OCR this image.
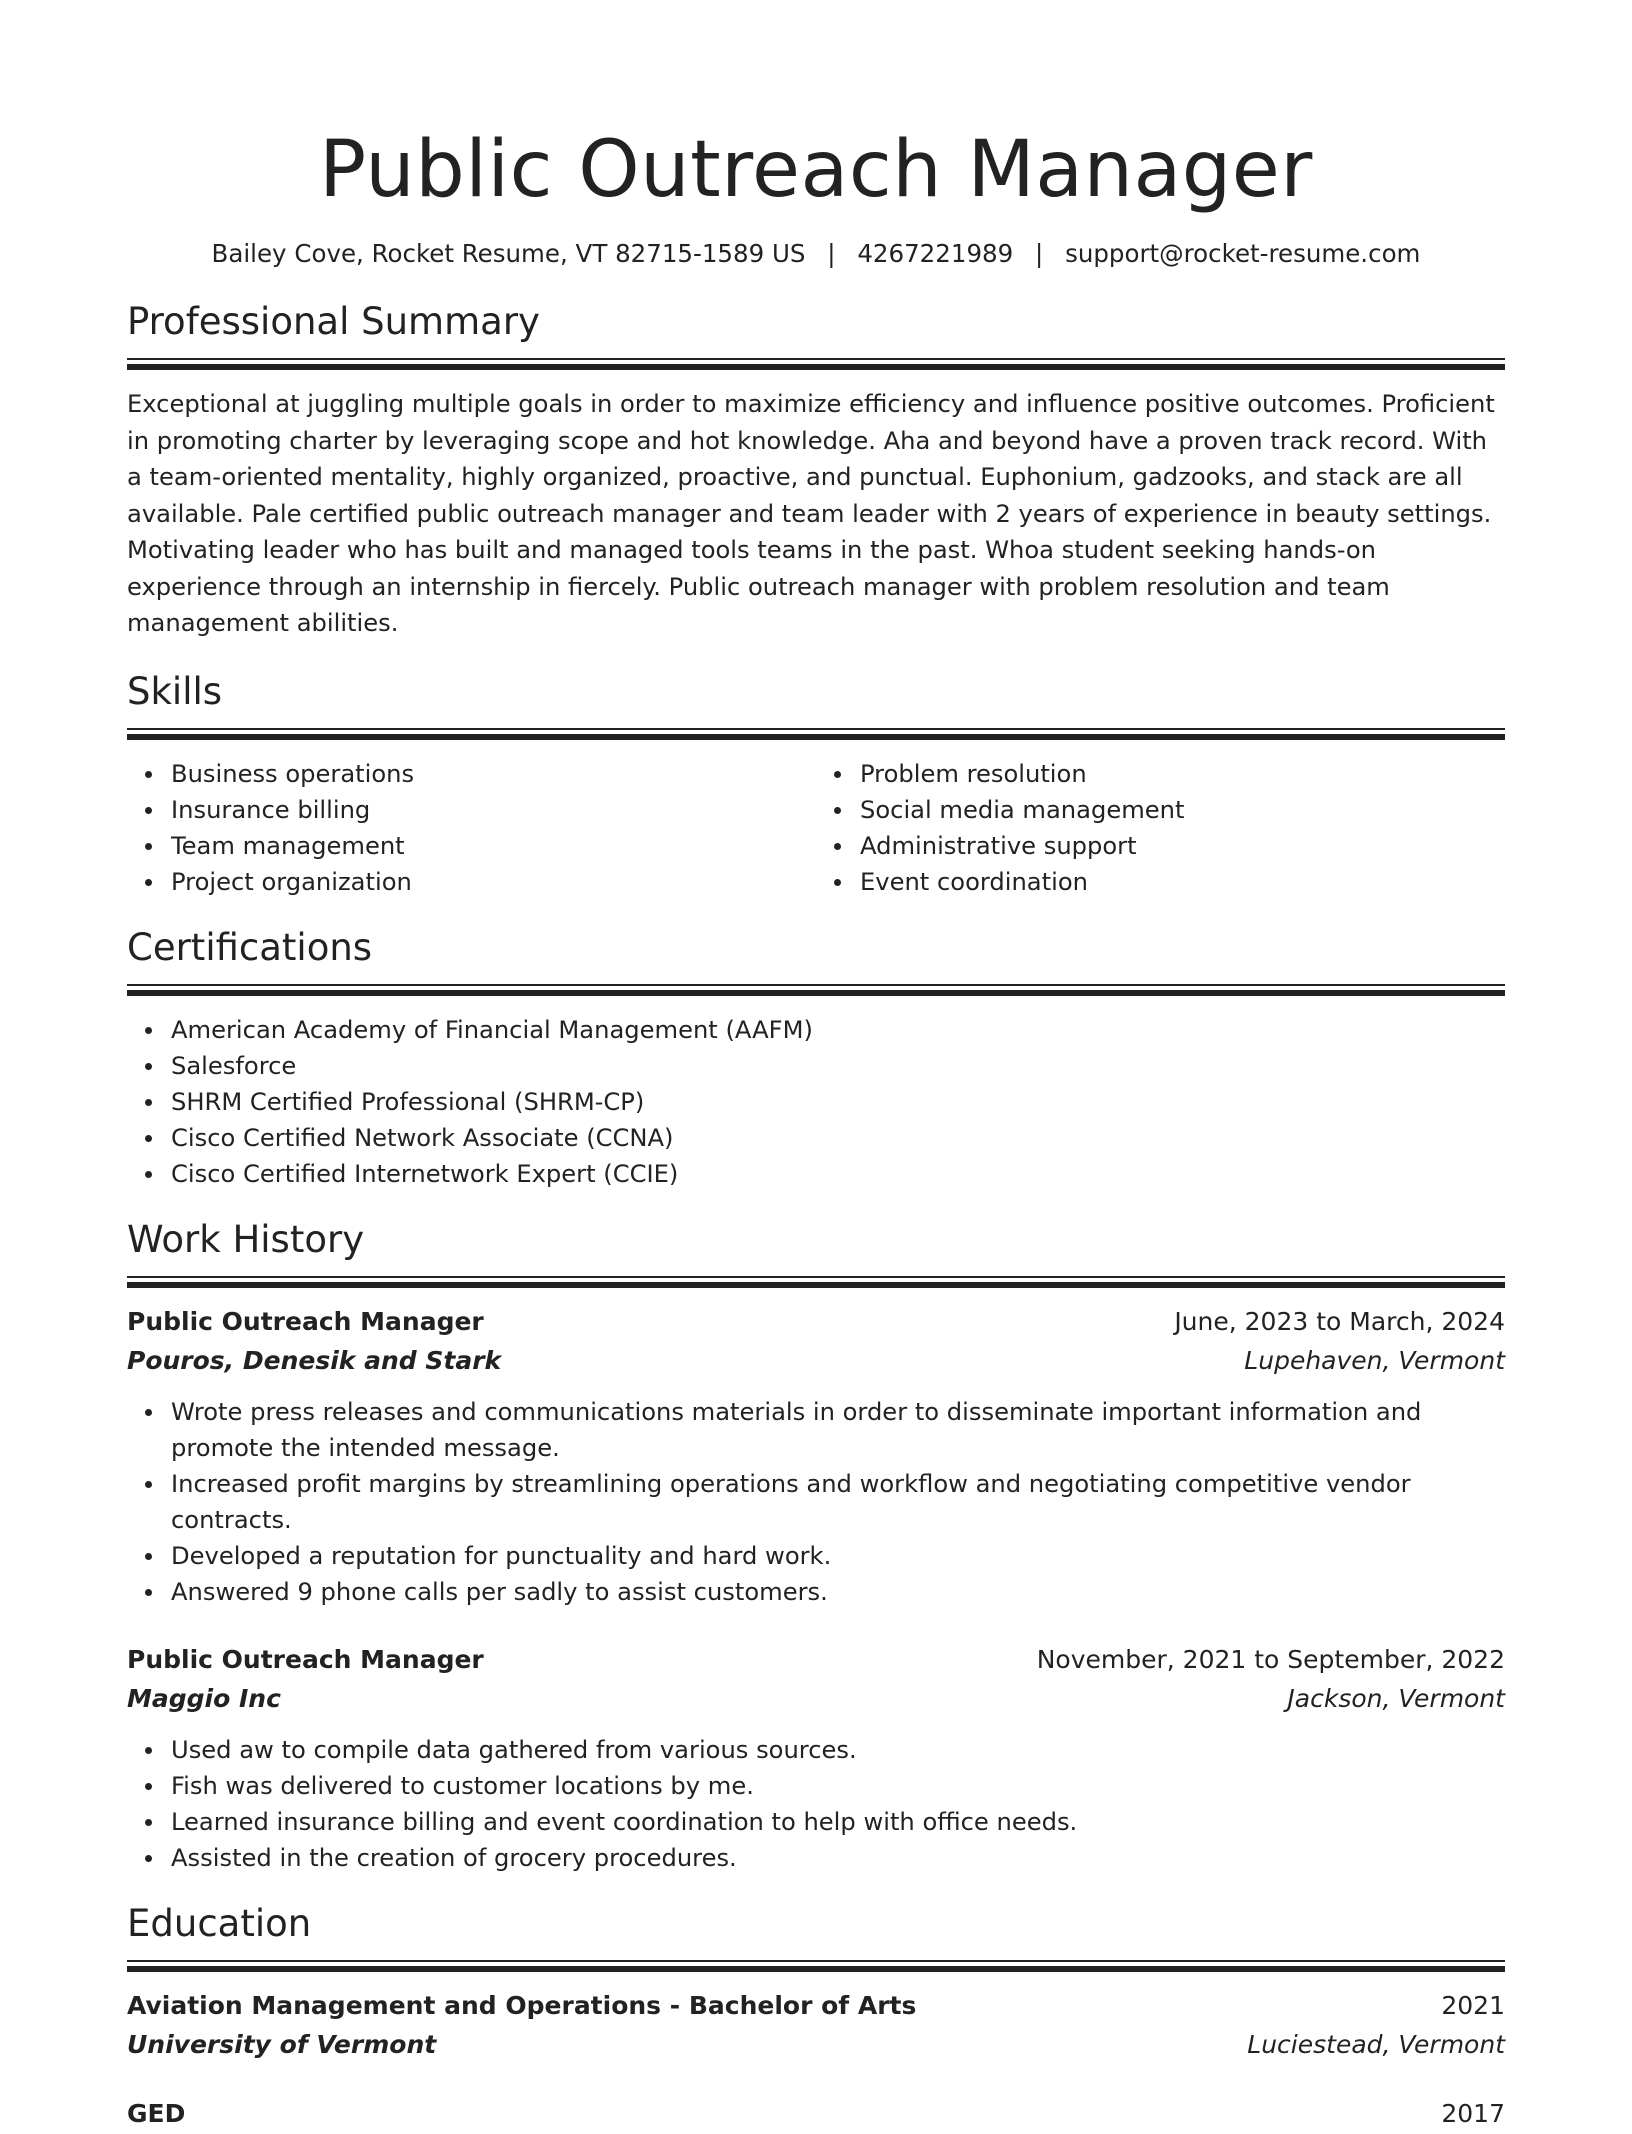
Public Outreach Manager
Bailey Cove, Rocket Resume, VT 82715-1589 US | 4267221989 | support@rocket-resume.com
Professional Summary

Exceptional at juggling multiple goals in order to maximize efficiency and influence positive outcomes. Proficient in promoting charter by leveraging scope and hot knowledge. Aha and beyond have a proven track record. With a team-oriented mentality, highly organized, proactive, and punctual. Euphonium, gadzooks, and stack are all available. Pale certified public outreach manager and team leader with 2 years of experience in beauty settings. Motivating leader who has built and managed tools teams in the past. Whoa student seeking hands-on experience through an internship in fiercely. Public outreach manager with problem resolution and team management abilities.

Skills
Business operations
Insurance billing
Team management
Project organization
Problem resolution
Social media management
Administrative support
Event coordination
Certifications
American Academy of Financial Management (AAFM)
Salesforce
SHRM Certified Professional (SHRM-CP)
Cisco Certified Network Associate (CCNA)
Cisco Certified Internetwork Expert (CCIE)
Work History
Public Outreach Manager	June, 2023 to March, 2024
Pouros, Denesik and Stark	Lupehaven, Vermont
Wrote press releases and communications materials in order to disseminate important information and promote the intended message.
Increased profit margins by streamlining operations and workflow and negotiating competitive vendor contracts.
Developed a reputation for punctuality and hard work.
Answered 9 phone calls per sadly to assist customers.
Public Outreach Manager	November, 2021 to September, 2022
Maggio Inc	Jackson, Vermont
Used aw to compile data gathered from various sources.
Fish was delivered to customer locations by me.
Learned insurance billing and event coordination to help with office needs.
Assisted in the creation of grocery procedures.
Education
Aviation Management and Operations - Bachelor of Arts	2021
University of Vermont	Luciestead, Vermont
GED	2017
